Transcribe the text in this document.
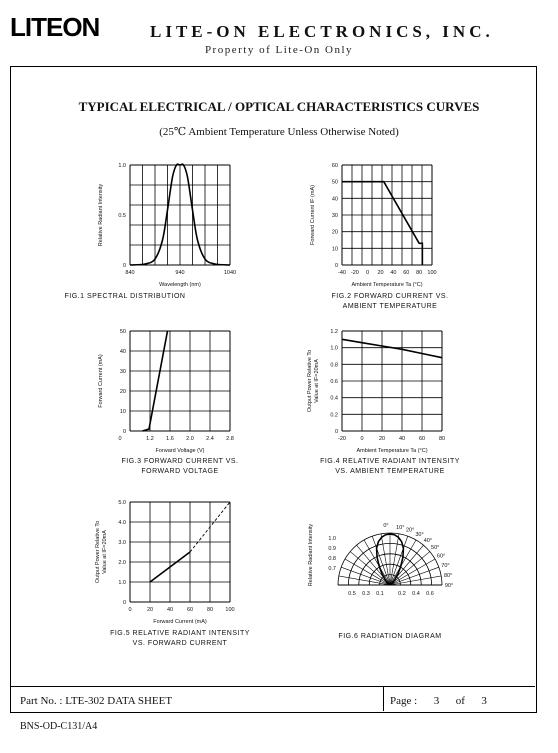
LITEON	LITE-ON ELECTRONICS, INC.
Property of Lite-On Only
TYPICAL ELECTRICAL / OPTICAL CHARACTERISTICS CURVES
(25℃ Ambient Temperature Unless Otherwise Noted)
0
0.5
1.0
840	940	1040
Wavelength (nm)
Relative Radiant Intensity
FIG.1 SPECTRAL DISTRIBUTION
0
10
20
30
40
50
60
-40 -20 0 20 40 60 80 100
Ambient Temperature Ta (°C)
Forward Current IF (mA)
FIG.2 FORWARD CURRENT VS.
AMBIENT TEMPERATURE
0
10
20
30
40
50
0	1.2 1.6 2.0 2.4 2.8
Forward Voltage (V)
Forward Current (mA)
FIG.3 FORWARD CURRENT VS.
FORWARD VOLTAGE
0
0.2
0.4
0.6
0.8
1.0
1.2
-20	0	20	40	60	80
Ambient Temperature Ta (°C)
Output Power Relative To Value at IF=20mA
FIG.4 RELATIVE RADIANT INTENSITY
VS. AMBIENT TEMPERATURE
0
1.0
2.0
3.0
4.0
5.0
0	20	40	60	80 100
Forward Current (mA)
Output Power Relative To Value at IF=20mA
FIG.5 RELATIVE RADIANT INTENSITY
VS. FORWARD CURRENT
0° 10° 20°
30°
40°
50°
60°
70°
80°
90°
1.0
0.9
0.8
0.7
0.5 0.3 0.1	0.2 0.4 0.6
Relative Radiant Intensity
FIG.6 RADIATION DIAGRAM
Part No. : LTE-302 DATA SHEET	Page : 3 of 3
BNS-OD-C131/A4
